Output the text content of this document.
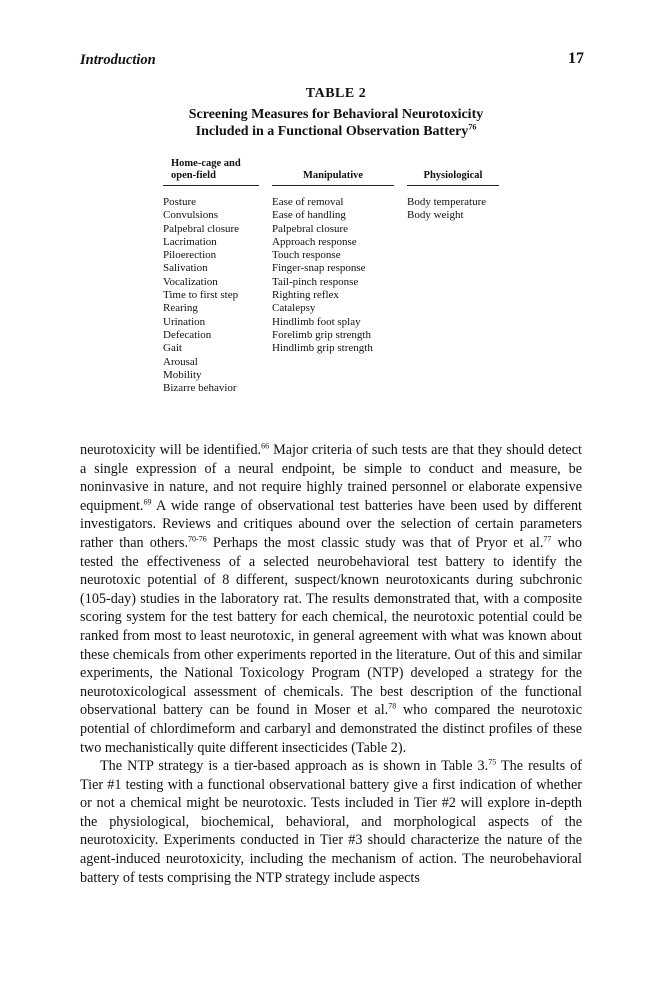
Introduction	17
TABLE 2
Screening Measures for Behavioral Neurotoxicity
Included in a Functional Observation Battery$^{76}$
Home-cage and
open-field
Posture
Convulsions
Palpebral closure
Lacrimation
Piloerection
Salivation
Vocalization
Time to first step
Rearing
Urination
Defecation
Gait
Arousal
Mobility
Bizarre behavior

Manipulative
Ease of removal
Ease of handling
Palpebral closure
Approach response
Touch response
Finger-snap response
Tail-pinch response
Righting reflex
Catalepsy
Hindlimb foot splay
Forelimb grip strength
Hindlimb grip strength

Physiological
Body temperature
Body weight

neurotoxicity will be identified.$^{66}$ Major criteria of such tests are that they should detect a single expression of a neural endpoint, be simple to conduct and measure, be noninvasive in nature, and not require highly trained personnel or elaborate expensive equipment.$^{69}$ A wide range of observational test batteries have been used by different investigators. Reviews and critiques abound over the selection of certain parameters rather than others.$^{70-76}$ Perhaps the most classic study was that of Pryor et al.$^{77}$ who tested the effectiveness of a selected neurobehavioral test battery to identify the neurotoxic potential of 8 different, suspect/known neurotoxicants during subchronic (105-day) studies in the laboratory rat. The results demonstrated that, with a composite scoring system for the test battery for each chemical, the neurotoxic potential could be ranked from most to least neurotoxic, in general agreement with what was known about these chemicals from other experiments reported in the literature. Out of this and similar experiments, the National Toxicology Program (NTP) developed a strategy for the neurotoxicological assessment of chemicals. The best description of the functional observational battery can be found in Moser et al.$^{78}$ who compared the neurotoxic potential of chlordimeform and carbaryl and demonstrated the distinct profiles of these two mechanistically quite different insecticides (Table 2).

The NTP strategy is a tier-based approach as is shown in Table 3.75 The results of Tier #1 testing with a functional observational battery give a first indication of whether or not a chemical might be neurotoxic. Tests included in Tier #2 will explore in-depth the physiological, biochemical, behavioral, and morphological aspects of the neurotoxicity. Experiments conducted in Tier #3 should characterize the nature of the agent-induced neurotoxicity, including the mechanism of action. The neurobehavioral battery of tests comprising the NTP strategy include aspects
